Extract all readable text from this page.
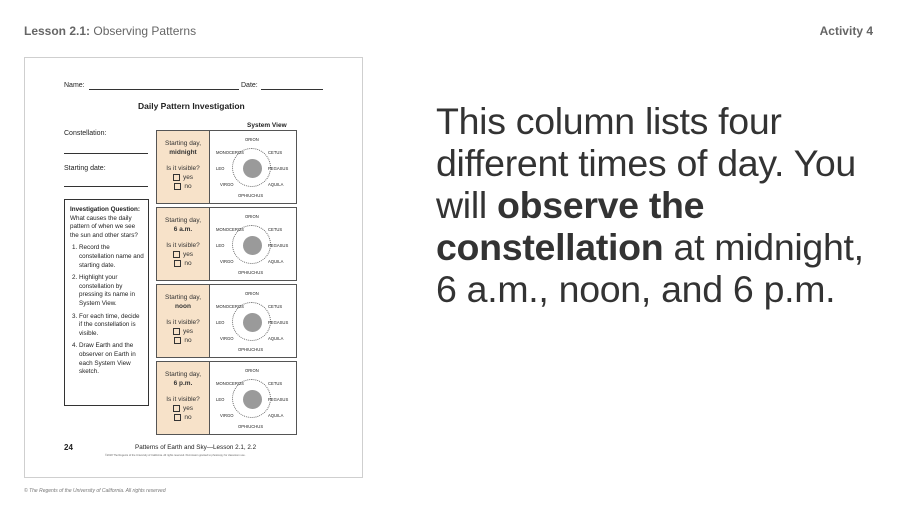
Lesson 2.1: Observing Patterns	Activity 4
Name:	Date:
Daily Pattern Investigation
System View
Constellation:
Starting date:
Investigation Question:
What causes the daily pattern of when we see the sun and other stars?
1. Record the constellation name and starting date.
2. Highlight your constellation by pressing its name in System View.
3. For each time, decide if the constellation is visible.
4. Draw Earth and the observer on Earth in each System View sketch.
Starting day,
midnight
Is it visible?
yes
no
ORION
MONOCEROS	CETUS
LEO	PEGASUS
VIRGO	AQUILA
OPHIUCHUS
Starting day,
6 a.m.
Is it visible?
yes
no
ORION
MONOCEROS	CETUS
LEO	PEGASUS
VIRGO	AQUILA
OPHIUCHUS
Starting day,
noon
Is it visible?
yes
no
ORION
MONOCEROS	CETUS
LEO	PEGASUS
VIRGO	AQUILA
OPHIUCHUS
Starting day,
6 p.m.
Is it visible?
yes
no
ORION
MONOCEROS	CETUS
LEO	PEGASUS
VIRGO	AQUILA
OPHIUCHUS
24	Patterns of Earth and Sky—Lesson 2.1, 2.2
©2018 The Regents of the University of California. All rights reserved. Permission granted to photocopy for classroom use.
This column lists four different times of day. You will observe the constellation at midnight, 6 a.m., noon, and 6 p.m.
© The Regents of the University of California. All rights reserved
